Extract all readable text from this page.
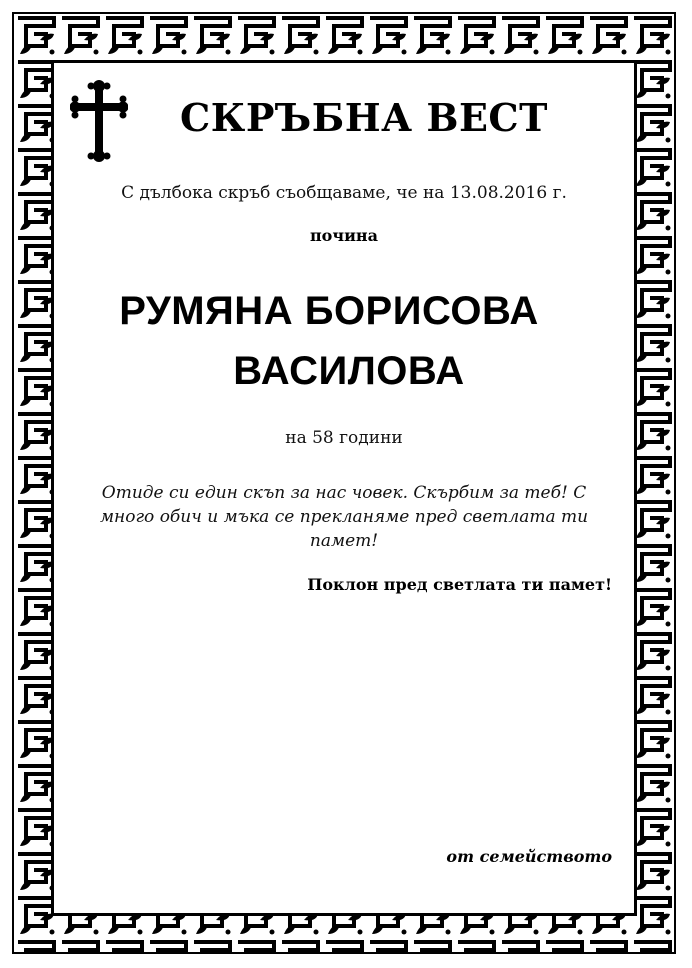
СКРЪБНА ВЕСТ
С дълбока скръб съобщаваме, че на 13.08.2016 г.
почина
РУМЯНА БОРИСОВА
ВАСИЛОВА
на 58 години
Отиде си един скъп за нас човек. Скърбим за теб! С много обич и мъка се прекланяме пред светлата ти памет!
Поклон пред светлата ти памет!
от семейството
